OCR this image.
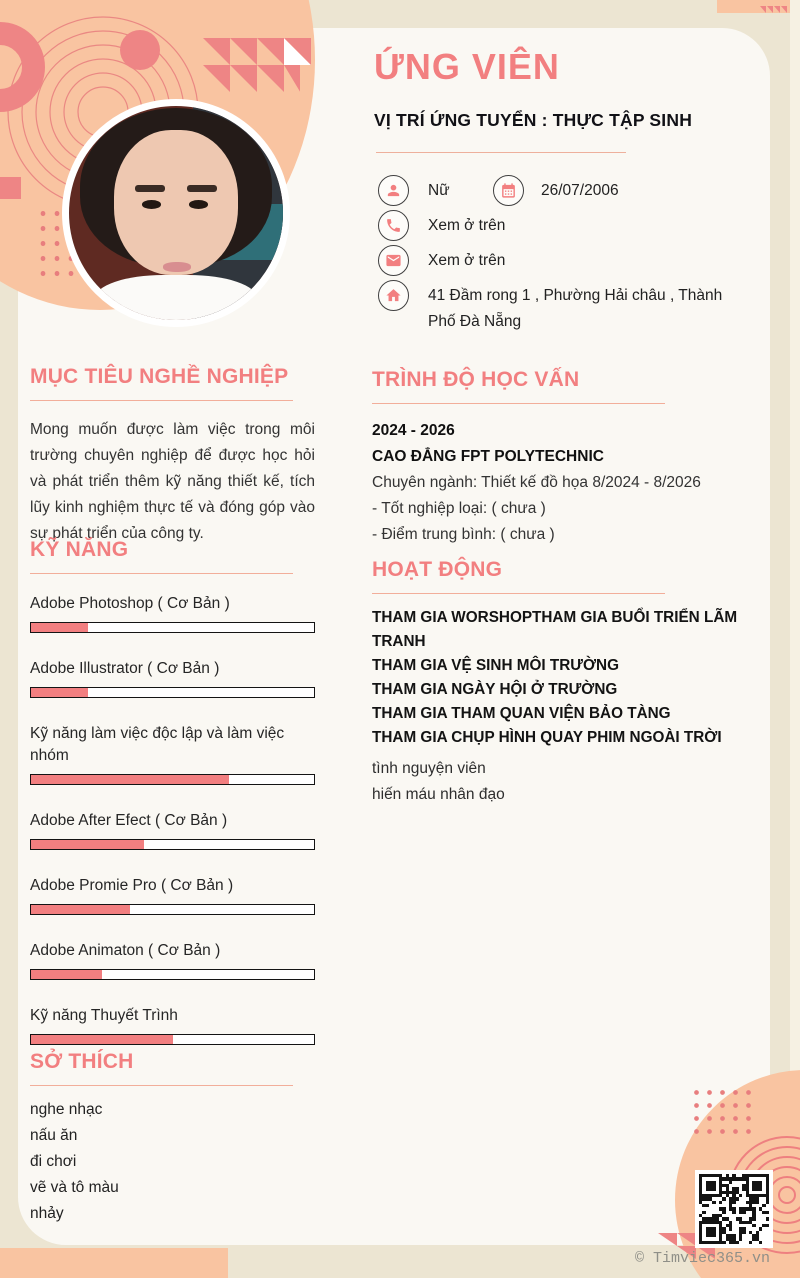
© Timviec365.vn
ỨNG VIÊN
VỊ TRÍ ỨNG TUYỂN : THỰC TẬP SINH
Nữ	26/07/2006
Xem ở trên
Xem ở trên
41 Đầm rong 1 , Phường Hải châu , Thành Phố Đà Nẵng
MỤC TIÊU NGHỀ NGHIỆP

Mong muốn được làm việc trong môi trường chuyên nghiệp để được học hỏi và phát triển thêm kỹ năng thiết kế, tích lũy kinh nghiệm thực tế và đóng góp vào sự phát triển của công ty.

KỸ NĂNG
Adobe Photoshop ( Cơ Bản )
Adobe Illustrator ( Cơ Bản )
Kỹ năng làm việc độc lập và làm việc nhóm
Adobe After Efect ( Cơ Bản )
Adobe Promie Pro ( Cơ Bản )
Adobe Animaton ( Cơ Bản )
Kỹ năng Thuyết Trình
SỞ THÍCH
nghe nhạc
nấu ăn
đi chơi
vẽ và tô màu
nhảy
TRÌNH ĐỘ HỌC VẤN
2024 - 2026
CAO ĐẲNG FPT POLYTECHNIC
Chuyên ngành: Thiết kế đồ họa 8/2024 - 8/2026
- Tốt nghiệp loại: ( chưa )
- Điểm trung bình: ( chưa )
HOẠT ĐỘNG
THAM GIA WORSHOPTHAM GIA BUỔI TRIỂN LÃM TRANH
THAM GIA VỆ SINH MÔI TRƯỜNG
THAM GIA NGÀY HỘI Ở TRƯỜNG
THAM GIA THAM QUAN VIỆN BẢO TÀNG
THAM GIA CHỤP HÌNH QUAY PHIM NGOÀI TRỜI
tình nguyện viên
hiến máu nhân đạo
